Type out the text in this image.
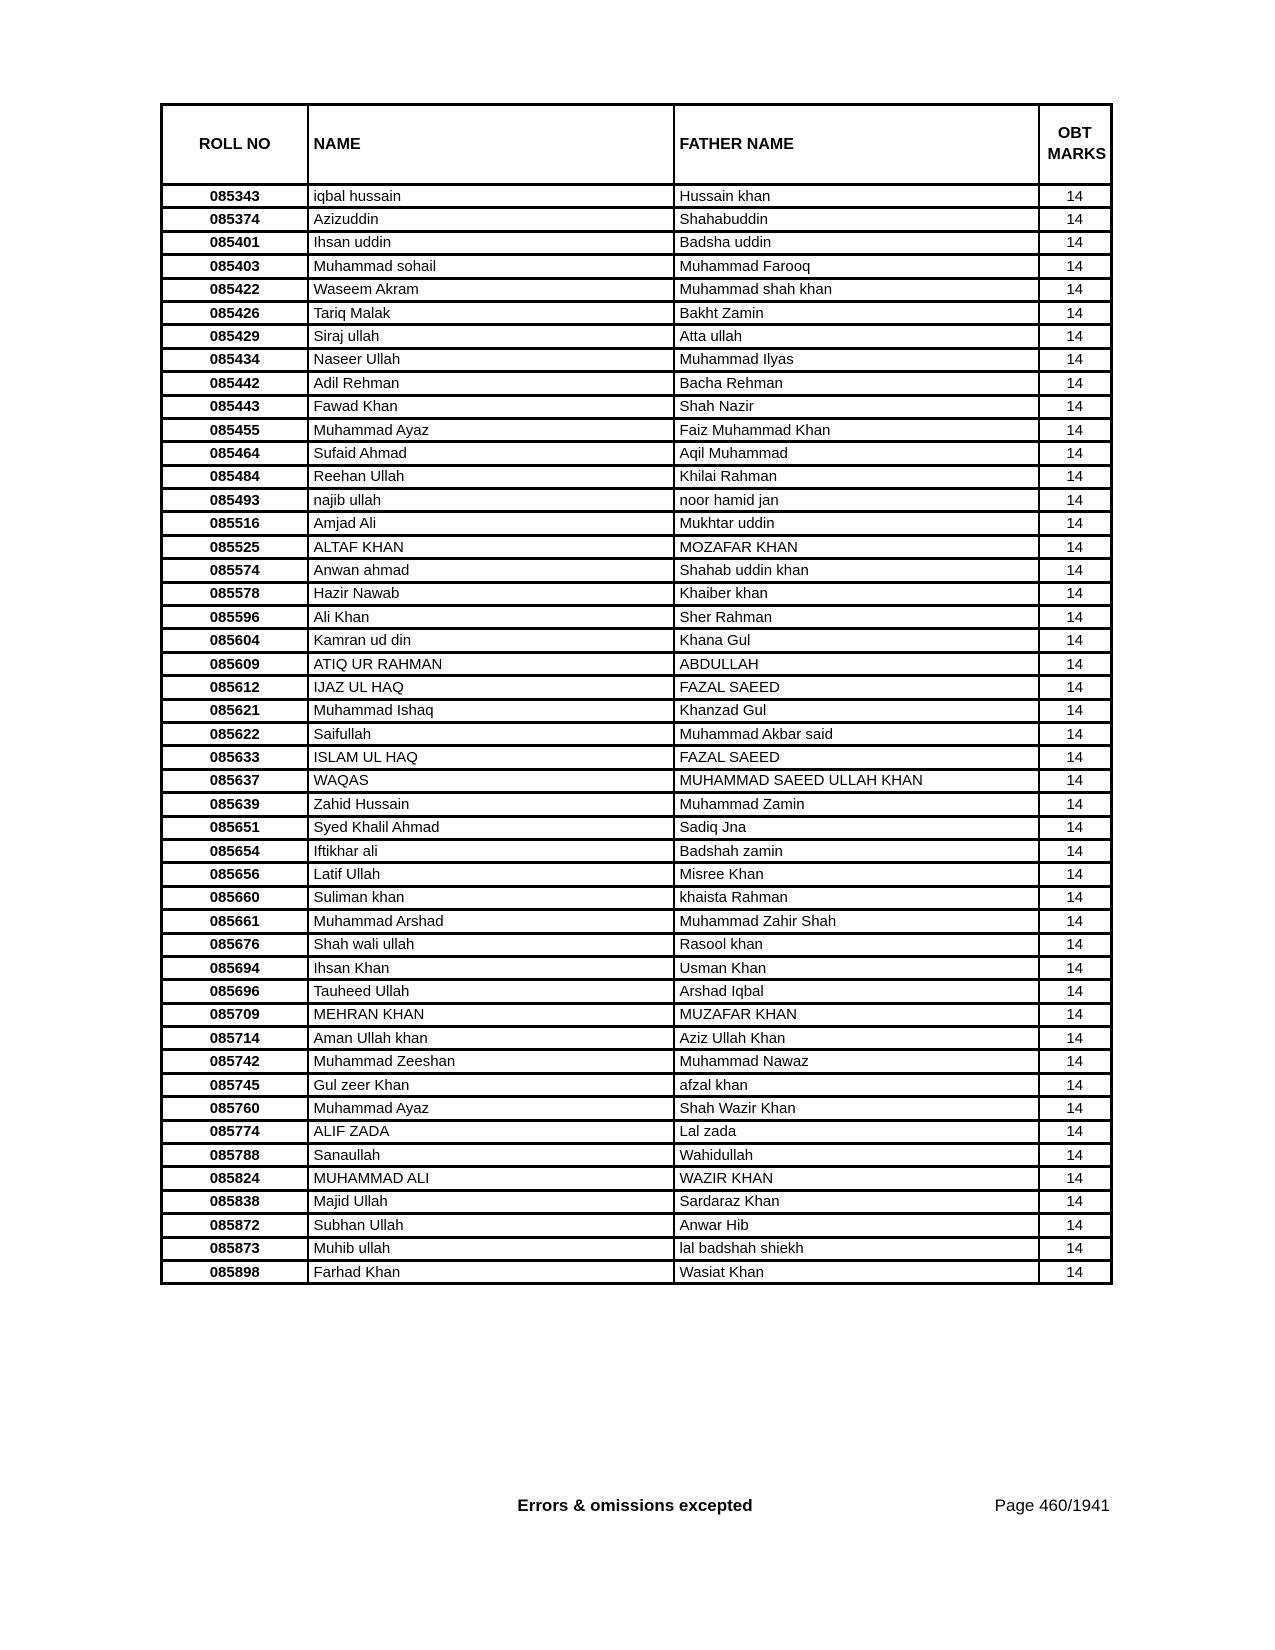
ROLL NO	NAME	FATHER NAME	OBT MARKS
085343	iqbal hussain	Hussain khan	14
085374	Azizuddin	Shahabuddin	14
085401	Ihsan uddin	Badsha uddin	14
085403	Muhammad sohail	Muhammad Farooq	14
085422	Waseem Akram	Muhammad shah khan	14
085426	Tariq Malak	Bakht Zamin	14
085429	Siraj ullah	Atta ullah	14
085434	Naseer Ullah	Muhammad Ilyas	14
085442	Adil Rehman	Bacha Rehman	14
085443	Fawad Khan	Shah Nazir	14
085455	Muhammad Ayaz	Faiz Muhammad Khan	14
085464	Sufaid Ahmad	Aqil Muhammad	14
085484	Reehan Ullah	Khilai Rahman	14
085493	najib ullah	noor hamid jan	14
085516	Amjad Ali	Mukhtar uddin	14
085525	ALTAF KHAN	MOZAFAR KHAN	14
085574	Anwan ahmad	Shahab uddin khan	14
085578	Hazir Nawab	Khaiber khan	14
085596	Ali Khan	Sher Rahman	14
085604	Kamran ud din	Khana Gul	14
085609	ATIQ UR RAHMAN	ABDULLAH	14
085612	IJAZ UL HAQ	FAZAL SAEED	14
085621	Muhammad Ishaq	Khanzad Gul	14
085622	Saifullah	Muhammad Akbar said	14
085633	ISLAM UL HAQ	FAZAL SAEED	14
085637	WAQAS	MUHAMMAD SAEED ULLAH KHAN	14
085639	Zahid Hussain	Muhammad Zamin	14
085651	Syed Khalil Ahmad	Sadiq Jna	14
085654	Iftikhar ali	Badshah zamin	14
085656	Latif Ullah	Misree Khan	14
085660	Suliman khan	khaista Rahman	14
085661	Muhammad Arshad	Muhammad Zahir Shah	14
085676	Shah wali ullah	Rasool khan	14
085694	Ihsan Khan	Usman Khan	14
085696	Tauheed Ullah	Arshad Iqbal	14
085709	MEHRAN KHAN	MUZAFAR KHAN	14
085714	Aman Ullah khan	Aziz Ullah Khan	14
085742	Muhammad Zeeshan	Muhammad Nawaz	14
085745	Gul zeer Khan	afzal khan	14
085760	Muhammad Ayaz	Shah Wazir Khan	14
085774	ALIF ZADA	Lal zada	14
085788	Sanaullah	Wahidullah	14
085824	MUHAMMAD ALI	WAZIR KHAN	14
085838	Majid Ullah	Sardaraz Khan	14
085872	Subhan Ullah	Anwar Hib	14
085873	Muhib ullah	lal badshah shiekh	14
085898	Farhad Khan	Wasiat Khan	14
Errors & omissions excepted	Page 460/1941
